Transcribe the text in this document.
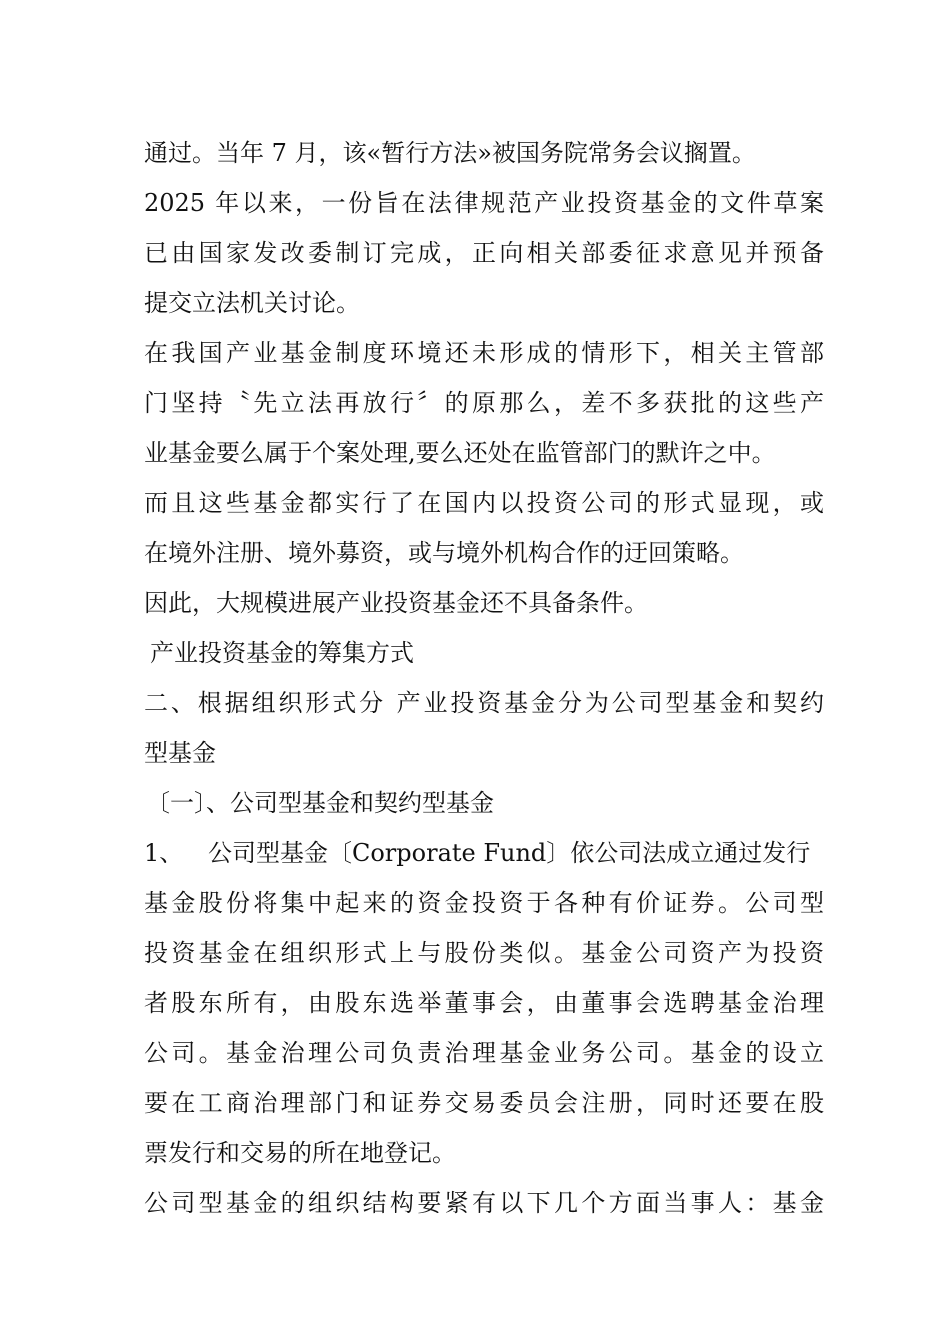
通过。当年 7 月，该«暂行方法»被国务院常务会议搁置。
2025 年以来，一份旨在法律规范产业投资基金的文件草案
已由国家发改委制订完成，正向相关部委征求意见并预备
提交立法机关讨论。
在我国产业基金制度环境还未形成的情形下，相关主管部
门坚持〝先立法再放行〞的原那么，差不多获批的这些产
业基金要么属于个案处理,要么还处在监管部门的默许之中。
而且这些基金都实行了在国内以投资公司的形式显现，或
在境外注册、境外募资，或与境外机构合作的迂回策略。
因此，大规模进展产业投资基金还不具备条件。
产业投资基金的筹集方式
二、根据组织形式分 产业投资基金分为公司型基金和契约
型基金
〔一〕、公司型基金和契约型基金
1、 公司型基金〔Corporate Fund〕依公司法成立通过发行
基金股份将集中起来的资金投资于各种有价证券。公司型
投资基金在组织形式上与股份类似。基金公司资产为投资
者股东所有，由股东选举董事会，由董事会选聘基金治理
公司。基金治理公司负责治理基金业务公司。基金的设立
要在工商治理部门和证券交易委员会注册，同时还要在股
票发行和交易的所在地登记。
公司型基金的组织结构要紧有以下几个方面当事人：基金
